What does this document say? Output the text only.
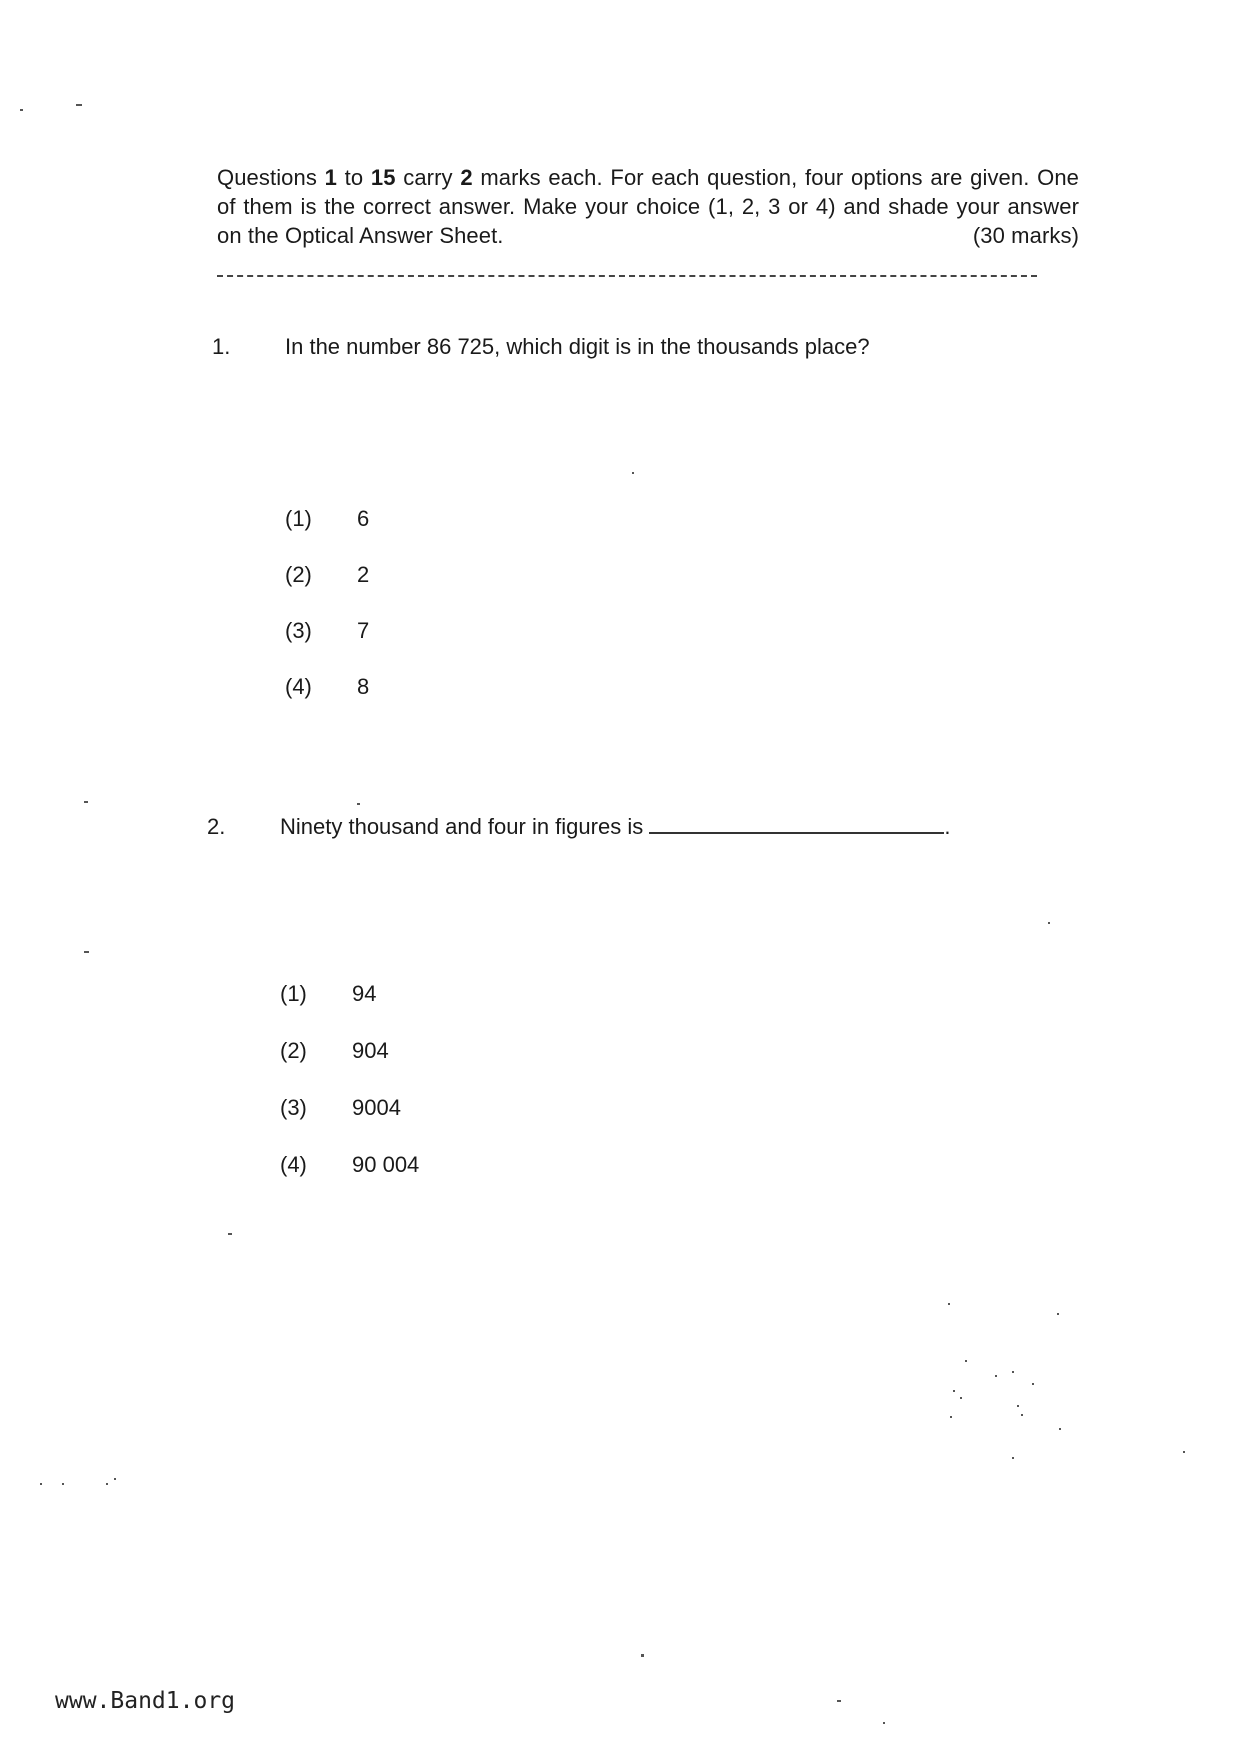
Questions 1 to 15 carry 2 marks each. For each question, four options are given. One of them is the correct answer. Make your choice (1, 2, 3 or 4) and shade your answer on the Optical Answer Sheet.	(30 marks)

1. In the number 86 725, which digit is in the thousands place?
(1) 6
(2) 2
(3) 7
(4) 8
2. Ninety thousand and four in figures is	.
(1) 94
(2) 904
(3) 9004
(4) 90 004
www.Band1.org
